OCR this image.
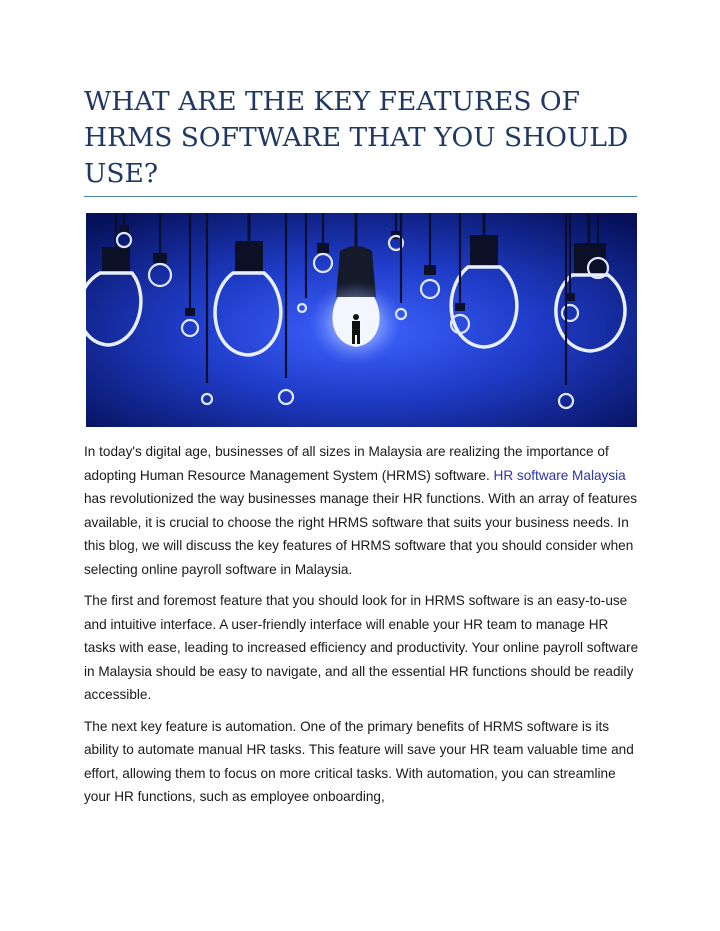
WHAT ARE THE KEY FEATURES OF HRMS SOFTWARE THAT YOU SHOULD USE?

In today's digital age, businesses of all sizes in Malaysia are realizing the importance of adopting Human Resource Management System (HRMS) software. HR software Malaysia has revolutionized the way businesses manage their HR functions. With an array of features available, it is crucial to choose the right HRMS software that suits your business needs. In this blog, we will discuss the key features of HRMS software that you should consider when selecting online payroll software in Malaysia.

The first and foremost feature that you should look for in HRMS software is an easy-to-use and intuitive interface. A user-friendly interface will enable your HR team to manage HR tasks with ease, leading to increased efficiency and productivity. Your online payroll software in Malaysia should be easy to navigate, and all the essential HR functions should be readily accessible.

The next key feature is automation. One of the primary benefits of HRMS software is its ability to automate manual HR tasks. This feature will save your HR team valuable time and effort, allowing them to focus on more critical tasks. With automation, you can streamline your HR functions, such as employee onboarding,
